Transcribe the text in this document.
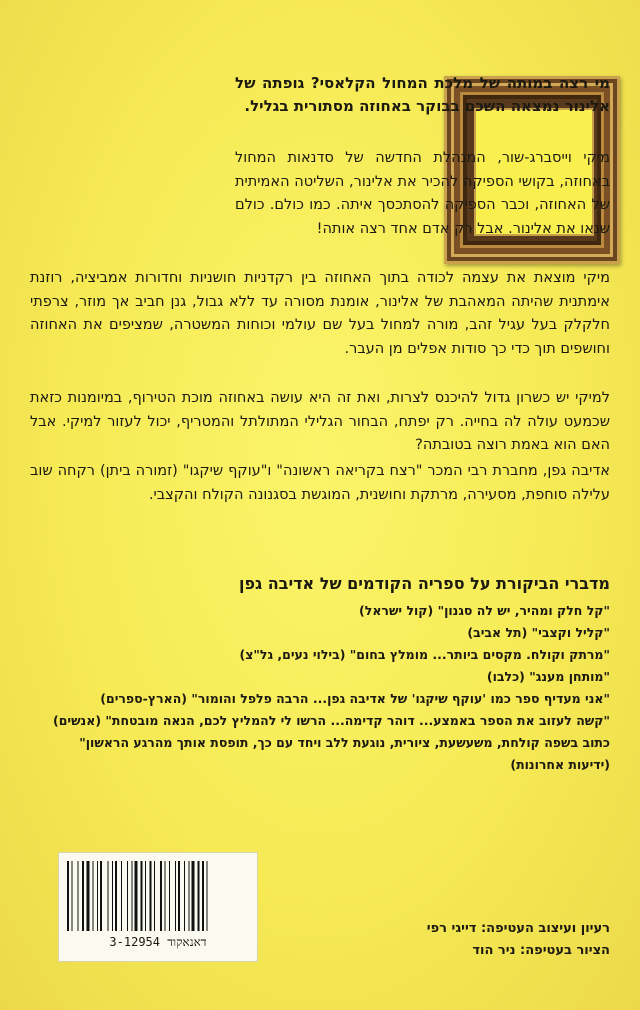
מי רצה במותה של מלכת המחול הקלאסי? גופתה של אלינור נמצאה השכם בבוקר באחוזה מסתורית בגליל.

מיקי וייסברג-שור, המנהלת החדשה של סדנאות המחול באחוזה, בקושי הספיקה להכיר את אלינור, השליטה האמיתית של האחוזה, וכבר הספיקה להסתכסך איתה. כמו כולם. כולם שנאו את אלינור. אבל רק אדם אחד רצה אותה!

מיקי מוצאת את עצמה לכודה בתוך האחוזה בין רקדניות חושניות וחדורות אמביציה, רוזנת אימתנית שהיתה המאהבת של אלינור, אומנת מסורה עד ללא גבול, גנן חביב אך מוזר, צרפתי חלקלק בעל עגיל זהב, מורה למחול בעל שם עולמי וכוחות המשטרה, שמציפים את האחוזה וחושפים תוך כדי כך סודות אפלים מן העבר.

למיקי יש כשרון גדול להיכנס לצרות, ואת זה היא עושה באחוזה מוכת הטירוף, במיומנות כזאת שכמעט עולה לה בחייה. רק יפתח, הבחור הגלילי המתולתל והמטריף, יכול לעזור למיקי. אבל האם הוא באמת רוצה בטובתה?

אדיבה גפן, מחברת רבי המכר "רצח בקריאה ראשונה" ו"עוקף שיקגו" (זמורה ביתן) רקחה שוב עלילה סוחפת, מסעירה, מרתקת וחושנית, המוגשת בסגנונה הקולח והקצבי.

מדברי הביקורת על ספריה הקודמים של אדיבה גפן

"קל חלק ומהיר, יש לה סגנון" (קול ישראל)
"קליל וקצבי" (תל אביב)
"מרתק וקולח. מקסים ביותר... מומלץ בחום" (בילוי נעים, גל"צ)
"מותחן מענג" (כלבו)
"אני מעדיף ספר כמו 'עוקף שיקגו' של אדיבה גפן... הרבה פלפל והומור" (הארץ-ספרים)
"קשה לעזוב את הספר באמצע... דוהר קדימה... הרשו לי להמליץ לכם, הנאה מובטחת" (אנשים)
כתוב בשפה קולחת, משעשעת, ציורית, נוגעת ללב ויחד עם כך, תופסת אותך מהרגע הראשון"
(ידיעות אחרונות)
דאנאקוד 3-12954
רעיון ועיצוב העטיפה: דייגי רפי
הציור בעטיפה: ניר הוד
